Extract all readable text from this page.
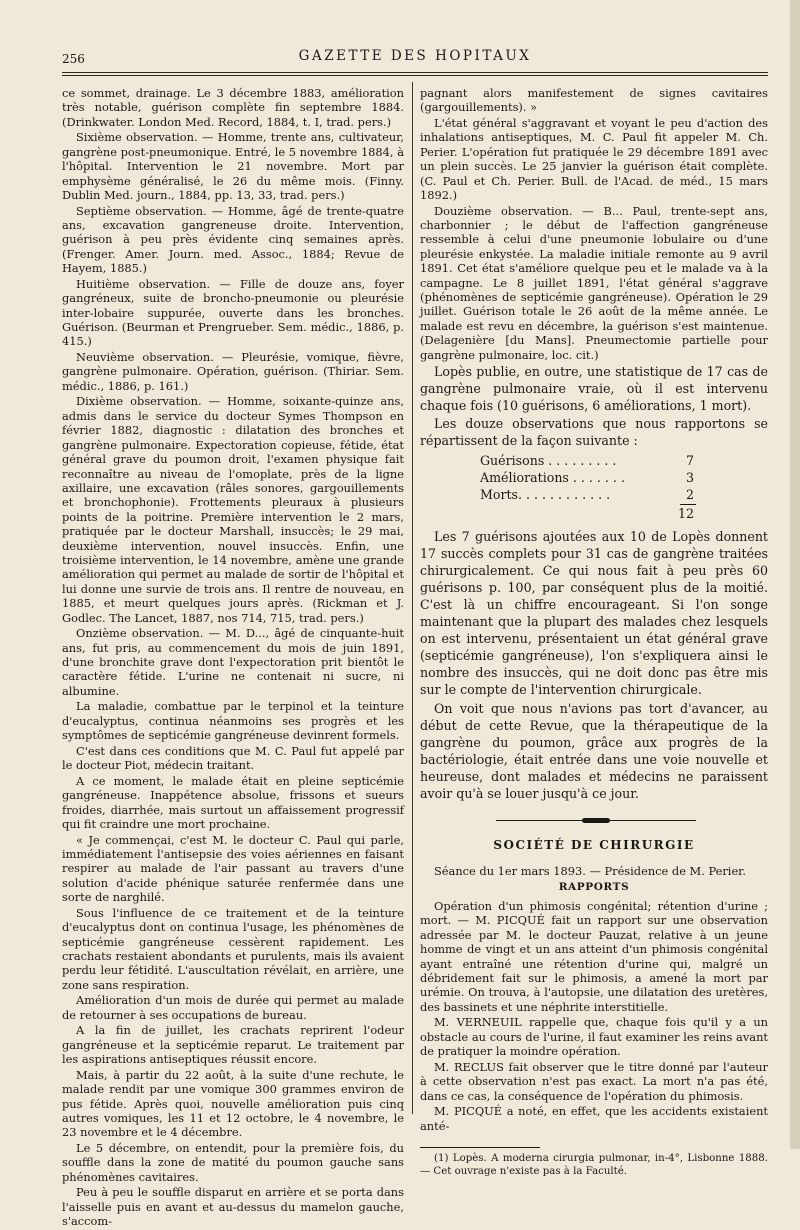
256	GAZETTE DES HOPITAUX

ce sommet, drainage. Le 3 décembre 1883, amélioration très notable, guérison complète fin septembre 1884. (Drinkwater. London Med. Record, 1884, t. I, trad. pers.)

Sixième observation. — Homme, trente ans, cultivateur, gangrène post-pneumonique. Entré, le 5 novembre 1884, à l'hôpital. Intervention le 21 novembre. Mort par emphysème généralisé, le 26 du même mois. (Finny. Dublin Med. journ., 1884, pp. 13, 33, trad. pers.)

Septième observation. — Homme, âgé de trente-quatre ans, excavation gangreneuse droite. Intervention, guérison à peu près évidente cinq semaines après. (Frenger. Amer. Journ. med. Assoc., 1884; Revue de Hayem, 1885.)

Huitième observation. — Fille de douze ans, foyer gangréneux, suite de broncho-pneumonie ou pleurésie inter-lobaire suppurée, ouverte dans les bronches. Guérison. (Beurman et Prengrueber. Sem. médic., 1886, p. 415.)

Neuvième observation. — Pleurésie, vomique, fièvre, gangrène pulmonaire. Opération, guérison. (Thiriar. Sem. médic., 1886, p. 161.)

Dixième observation. — Homme, soixante-quinze ans, admis dans le service du docteur Symes Thompson en février 1882, diagnostic : dilatation des bronches et gangrène pulmonaire. Expectoration copieuse, fétide, état général grave du poumon droit, l'examen physique fait reconnaître au niveau de l'omoplate, près de la ligne axillaire, une excavation (râles sonores, gargouillements et bronchophonie). Frottements pleuraux à plusieurs points de la poitrine. Première intervention le 2 mars, pratiquée par le docteur Marshall, insuccès; le 29 mai, deuxième intervention, nouvel insuccès. Enfin, une troisième intervention, le 14 novembre, amène une grande amélioration qui permet au malade de sortir de l'hôpital et lui donne une survie de trois ans. Il rentre de nouveau, en 1885, et meurt quelques jours après. (Rickman et J. Godlec. The Lancet, 1887, nos 714, 715, trad. pers.)

Onzième observation. — M. D..., âgé de cinquante-huit ans, fut pris, au commencement du mois de juin 1891, d'une bronchite grave dont l'expectoration prit bientôt le caractère fétide. L'urine ne contenait ni sucre, ni albumine.

La maladie, combattue par le terpinol et la teinture d'eucalyptus, continua néanmoins ses progrès et les symptômes de septicémie gangréneuse devinrent formels.

C'est dans ces conditions que M. C. Paul fut appelé par le docteur Piot, médecin traitant.

A ce moment, le malade était en pleine septicémie gangréneuse. Inappétence absolue, frissons et sueurs froides, diarrhée, mais surtout un affaissement progressif qui fit craindre une mort prochaine.

« Je commençai, c'est M. le docteur C. Paul qui parle, immédiatement l'antisepsie des voies aériennes en faisant respirer au malade de l'air passant au travers d'une solution d'acide phénique saturée renfermée dans une sorte de narghilé.

Sous l'influence de ce traitement et de la teinture d'eucalyptus dont on continua l'usage, les phénomènes de septicémie gangréneuse cessèrent rapidement. Les crachats restaient abondants et purulents, mais ils avaient perdu leur fétidité. L'auscultation révélait, en arrière, une zone sans respiration.

Amélioration d'un mois de durée qui permet au malade de retourner à ses occupations de bureau.

A la fin de juillet, les crachats reprirent l'odeur gangréneuse et la septicémie reparut. Le traitement par les aspirations antiseptiques réussit encore.

Mais, à partir du 22 août, à la suite d'une rechute, le malade rendit par une vomique 300 grammes environ de pus fétide. Après quoi, nouvelle amélioration puis cinq autres vomiques, les 11 et 12 octobre, le 4 novembre, le 23 novembre et le 4 décembre.

Le 5 décembre, on entendit, pour la première fois, du souffle dans la zone de matité du poumon gauche sans phénomènes cavitaires.

Peu à peu le souffle disparut en arrière et se porta dans l'aisselle puis en avant et au-dessus du mamelon gauche, s'accom-

pagnant alors manifestement de signes cavitaires (gargouillements). »

L'état général s'aggravant et voyant le peu d'action des inhalations antiseptiques, M. C. Paul fit appeler M. Ch. Perier. L'opération fut pratiquée le 29 décembre 1891 avec un plein succès. Le 25 janvier la guérison était complète. (C. Paul et Ch. Perier. Bull. de l'Acad. de méd., 15 mars 1892.)

Douzième observation. — B... Paul, trente-sept ans, charbonnier ; le début de l'affection gangréneuse ressemble à celui d'une pneumonie lobulaire ou d'une pleurésie enkystée. La maladie initiale remonte au 9 avril 1891. Cet état s'améliore quelque peu et le malade va à la campagne. Le 8 juillet 1891, l'état général s'aggrave (phénomènes de septicémie gangréneuse). Opération le 29 juillet. Guérison totale le 26 août de la même année. Le malade est revu en décembre, la guérison s'est maintenue. (Delagenière [du Mans]. Pneumectomie partielle pour gangrène pulmonaire, loc. cit.)

Lopès publie, en outre, une statistique de 17 cas de gangrène pulmonaire vraie, où il est intervenu chaque fois (10 guérisons, 6 améliorations, 1 mort).

Les douze observations que nous rapportons se répartissent de la façon suivante :

Guérisons . . . . . . . . .	7
Améliorations . . . . . . .	3
Morts. . . . . . . . . . . .	2
12

Les 7 guérisons ajoutées aux 10 de Lopès donnent 17 succès complets pour 31 cas de gangrène traitées chirurgicalement. Ce qui nous fait à peu près 60 guérisons p. 100, par conséquent plus de la moitié. C'est là un chiffre encourageant. Si l'on songe maintenant que la plupart des malades chez lesquels on est intervenu, présentaient un état général grave (septicémie gangréneuse), l'on s'expliquera ainsi le nombre des insuccès, qui ne doit donc pas être mis sur le compte de l'intervention chirurgicale.

On voit que nous n'avions pas tort d'avancer, au début de cette Revue, que la thérapeutique de la gangrène du poumon, grâce aux progrès de la bactériologie, était entrée dans une voie nouvelle et heureuse, dont malades et médecins ne paraissent avoir qu'à se louer jusqu'à ce jour.

SOCIÉTÉ DE CHIRURGIE

Séance du 1er mars 1893. — Présidence de M. Perier.

RAPPORTS

Opération d'un phimosis congénital; rétention d'urine ; mort. — M. PICQUÉ fait un rapport sur une observation adressée par M. le docteur Pauzat, relative à un jeune homme de vingt et un ans atteint d'un phimosis congénital ayant entraîné une rétention d'urine qui, malgré un débridement fait sur le phimosis, a amené la mort par urémie. On trouva, à l'autopsie, une dilatation des uretères, des bassinets et une néphrite interstitielle.

M. VERNEUIL rappelle que, chaque fois qu'il y a un obstacle au cours de l'urine, il faut examiner les reins avant de pratiquer la moindre opération.

M. RECLUS fait observer que le titre donné par l'auteur à cette observation n'est pas exact. La mort n'a pas été, dans ce cas, la conséquence de l'opération du phimosis.

M. PICQUÉ a noté, en effet, que les accidents existaient anté-

(1) Lopès. A moderna cirurgia pulmonar, in-4°, Lisbonne 1888. — Cet ouvrage n'existe pas à la Faculté.
